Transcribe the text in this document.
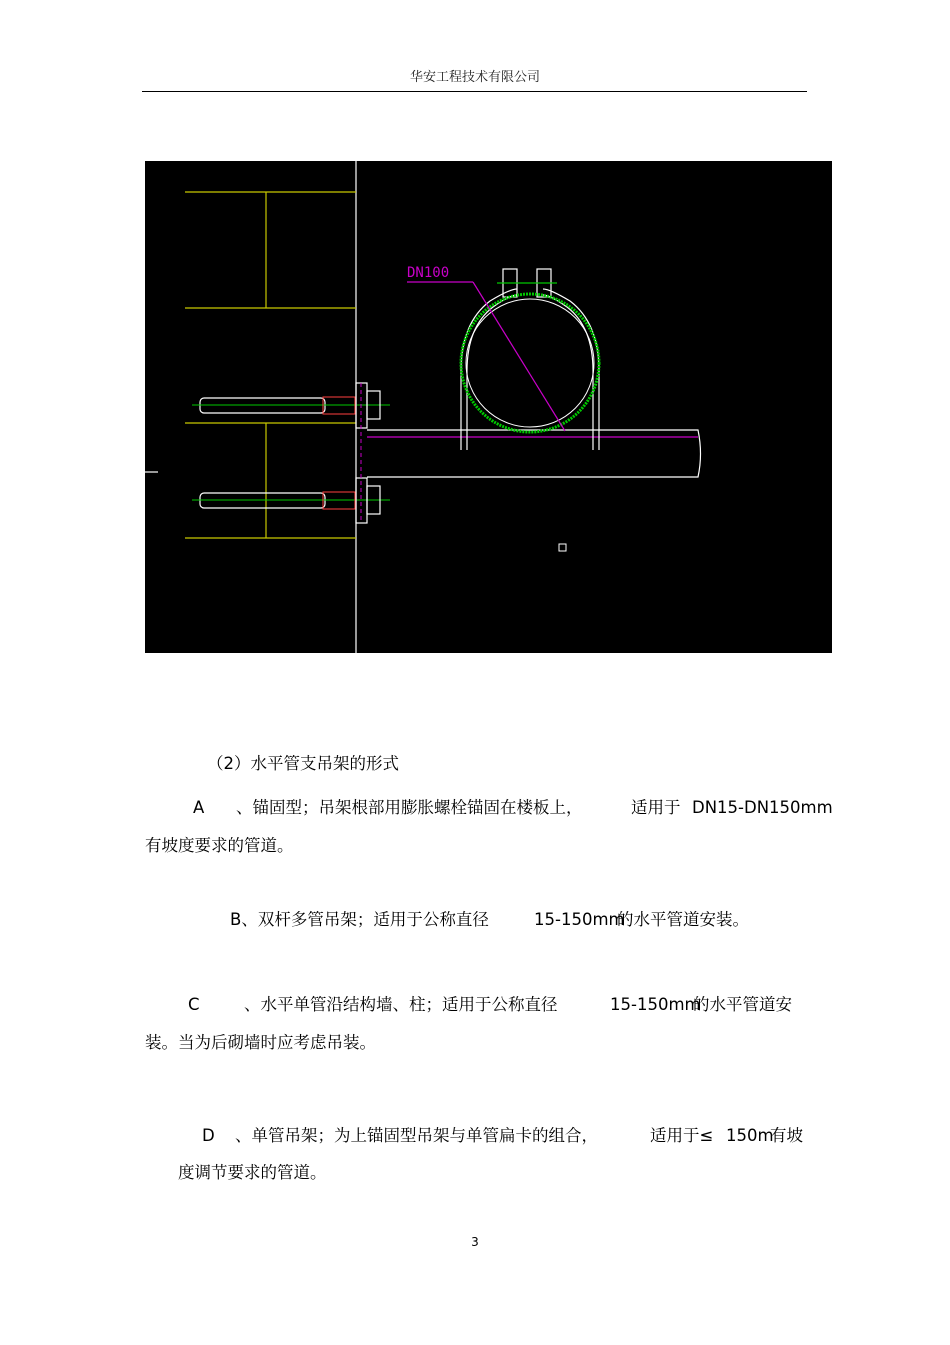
华安工程技术有限公司
DN100
（2）水平管支吊架的形式
A 、锚固型；吊架根部用膨胀螺栓锚固在楼板上，	适用于 DN15-DN150mm
有坡度要求的管道。
B、双杆多管吊架；适用于公称直径	15-150mm
的水平管道安装。
C	、水平单管沿结构墙、柱；适用于公称直径	15-150mm
的水平管道安
装。当为后砌墙时应考虑吊装。
D 、单管吊架；为上锚固型吊架与单管扁卡的组合，	适用于≤ 150m
有坡
度调节要求的管道。
3
